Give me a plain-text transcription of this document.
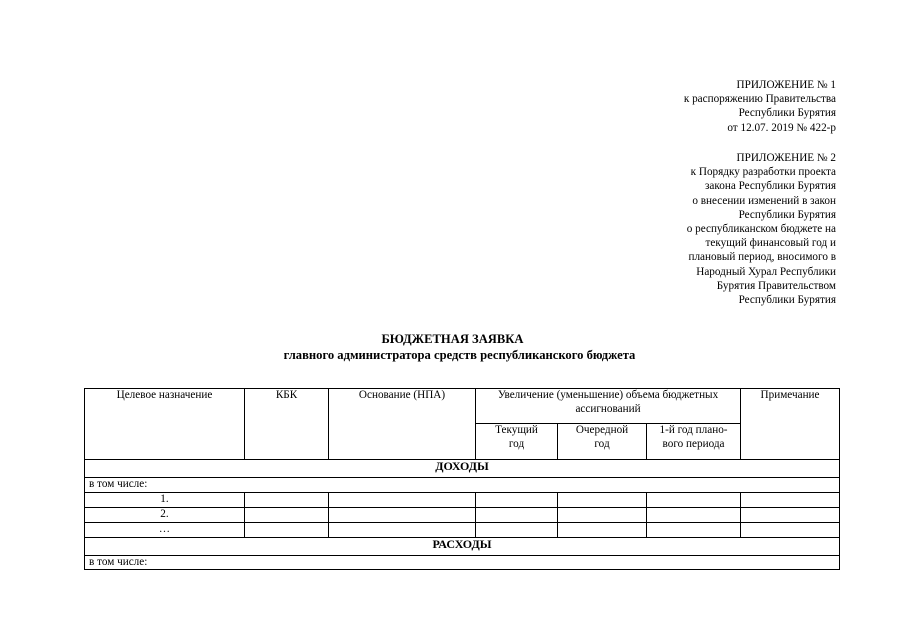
ПРИЛОЖЕНИЕ № 1
к распоряжению Правительства
Республики Бурятия
от 12.07. 2019 № 422-р
ПРИЛОЖЕНИЕ № 2
к Порядку разработки проекта
закона Республики Бурятия
о внесении изменений в закон
Республики Бурятия
о республиканском бюджете на
текущий финансовый год и
плановый период, вносимого в
Народный Хурал Республики
Бурятия Правительством
Республики Бурятия
БЮДЖЕТНАЯ ЗАЯВКА
главного администратора средств республиканского бюджета
Целевое назначение	КБК	Основание (НПА)	Увеличение (уменьшение) объема бюджетных ассигнований			Примечание
			Текущий год	Очередной год	1-й год плано-вого периода	
ДОХОДЫ						
в том числе:						
1.						
2.						
…						
РАСХОДЫ						
в том числе:						
